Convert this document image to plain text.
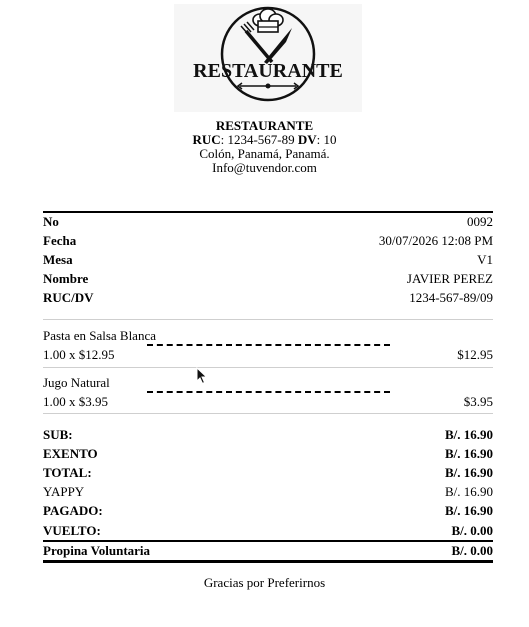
RESTAURANTE
RESTAURANTE
RUC: 1234-567-89 DV: 10
Colón, Panamá, Panamá.
Info@tuvendor.com
No	0092
Fecha	30/07/2026 12:08 PM
Mesa	V1
Nombre	JAVIER PEREZ
RUC/DV	1234-567-89/09
Pasta en Salsa Blanca
1.00 x $12.95	$12.95
Jugo Natural
1.00 x $3.95	$3.95
SUB:	B/. 16.90
EXENTO	B/. 16.90
TOTAL:	B/. 16.90
YAPPY	B/. 16.90
PAGADO:	B/. 16.90
VUELTO:	B/. 0.00
Propina Voluntaria	B/. 0.00
Gracias por Preferirnos
